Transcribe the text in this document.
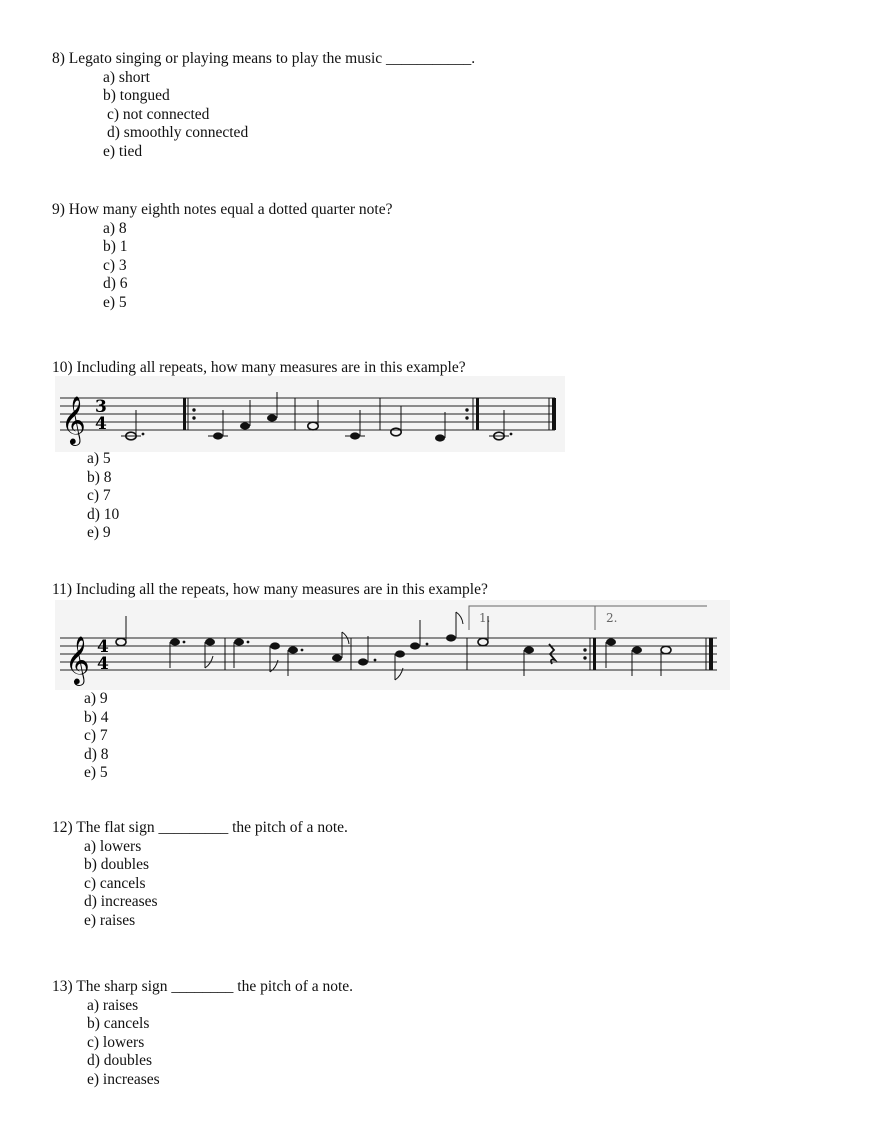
8) Legato singing or playing means to play the music ___________.
a) short
b) tongued
c) not connected
d) smoothly connected
e) tied
9) How many eighth notes equal a dotted quarter note?
a) 8
b) 1
c) 3
d) 6
e) 5
10) Including all repeats, how many measures are in this example?
𝄞 3
4
a) 5
b) 8
c) 7
d) 10
e) 9
11) Including all the repeats, how many measures are in this example?
1.	2.
𝄞 4
4
a) 9
b) 4
c) 7
d) 8
e) 5
12) The flat sign _________ the pitch of a note.
a) lowers
b) doubles
c) cancels
d) increases
e) raises
13) The sharp sign ________ the pitch of a note.
a) raises
b) cancels
c) lowers
d) doubles
e) increases
